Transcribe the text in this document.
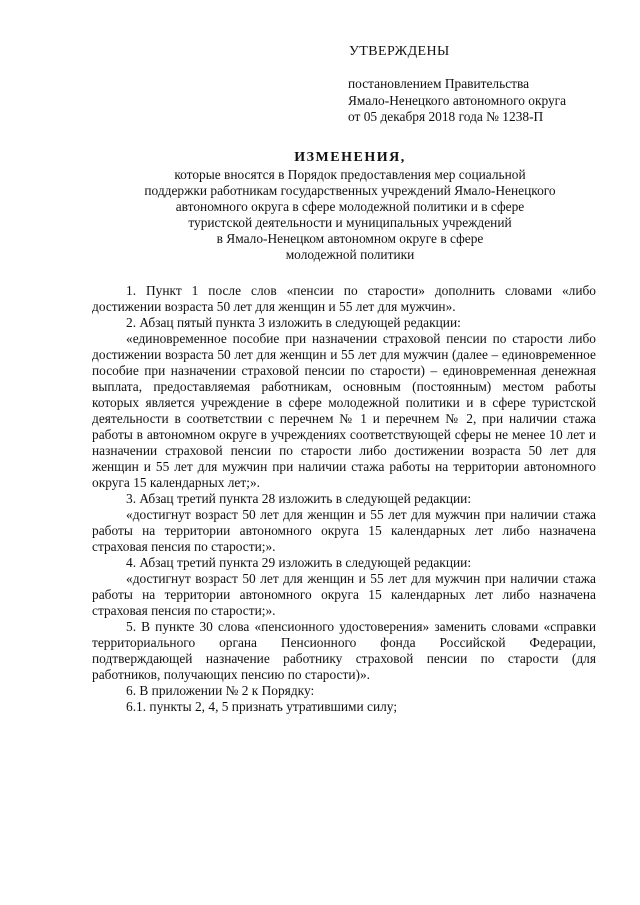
УТВЕРЖДЕНЫ
постановлением Правительства
Ямало-Ненецкого автономного округа
от 05 декабря 2018 года № 1238-П
ИЗМЕНЕНИЯ,
которые вносятся в Порядок предоставления мер социальной
поддержки работникам государственных учреждений Ямало-Ненецкого
автономного округа в сфере молодежной политики и в сфере
туристской деятельности и муниципальных учреждений
в Ямало-Ненецком автономном округе в сфере
молодежной политики

1. Пункт 1 после слов «пенсии по старости» дополнить словами «либо достижении возраста 50 лет для женщин и 55 лет для мужчин».

2. Абзац пятый пункта 3 изложить в следующей редакции:

«единовременное пособие при назначении страховой пенсии по старости либо достижении возраста 50 лет для женщин и 55 лет для мужчин (далее – единовременное пособие при назначении страховой пенсии по старости) – единовременная денежная выплата, предоставляемая работникам, основным (постоянным) местом работы которых является учреждение в сфере молодежной политики и в сфере туристской деятельности в соответствии с перечнем № 1 и перечнем № 2, при наличии стажа работы в автономном округе в учреждениях соответствующей сферы не менее 10 лет и назначении страховой пенсии по старости либо достижении возраста 50 лет для женщин и 55 лет для мужчин при наличии стажа работы на территории автономного округа 15 календарных лет;».

3. Абзац третий пункта 28 изложить в следующей редакции:

«достигнут возраст 50 лет для женщин и 55 лет для мужчин при наличии стажа работы на территории автономного округа 15 календарных лет либо назначена страховая пенсия по старости;».

4. Абзац третий пункта 29 изложить в следующей редакции:

«достигнут возраст 50 лет для женщин и 55 лет для мужчин при наличии стажа работы на территории автономного округа 15 календарных лет либо назначена страховая пенсия по старости;».

5. В пункте 30 слова «пенсионного удостоверения» заменить словами «справки территориального органа Пенсионного фонда Российской Федерации, подтверждающей назначение работнику страховой пенсии по старости (для работников, получающих пенсию по старости)».

6. В приложении № 2 к Порядку:

6.1. пункты 2, 4, 5 признать утратившими силу;
